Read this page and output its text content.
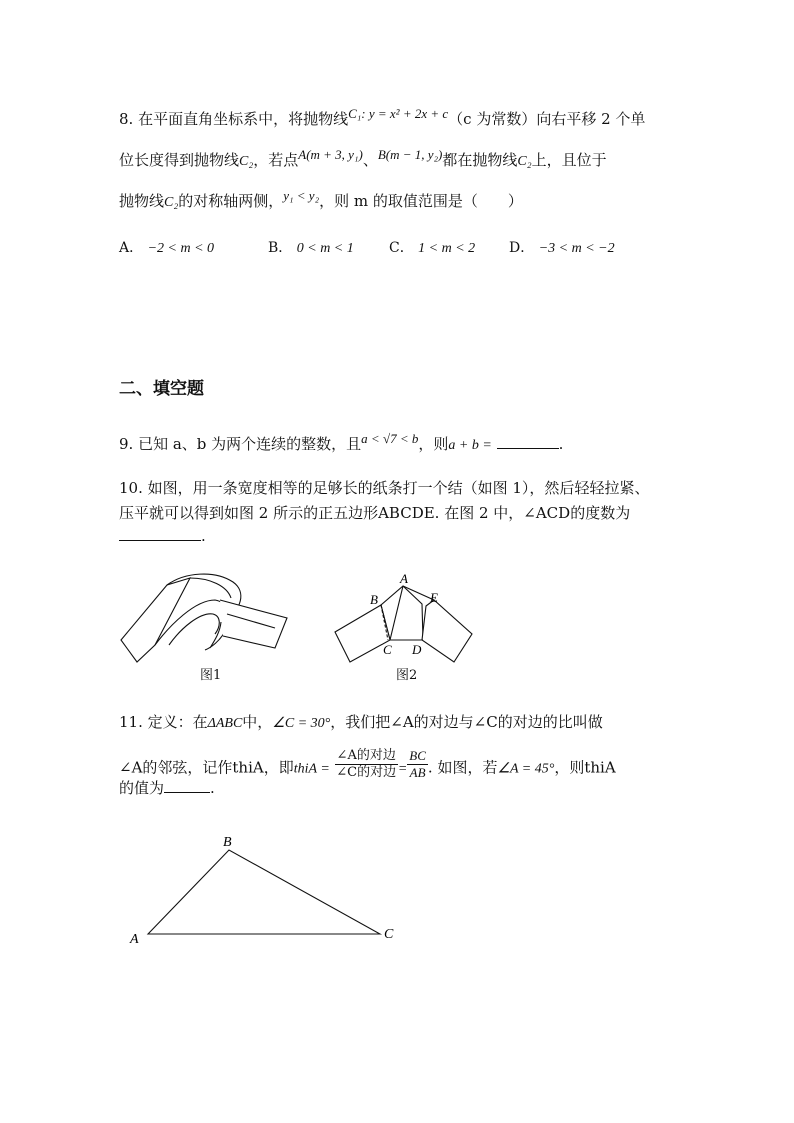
8. 在平面直角坐标系中，将抛物线C₁: y = x² + 2x + c（c 为常数）向右平移 2 个单
位长度得到抛物线C₂，若点A(m + 3, y₁)、B(m − 1, y₂)都在抛物线C₂上，且位于
抛物线C₂的对称轴两侧，y₁ < y₂，则 m 的取值范围是（　　）
A． −2 < m < 0	B． 0 < m < 1	C． 1 < m < 2 D． −3 < m < −2
二、填空题
9. 已知 a、b 为两个连续的整数，且a < √7 < b，则a + b =	.
10. 如图，用一条宽度相等的足够长的纸条打一个结（如图 1），然后轻轻拉紧、
压平就可以得到如图 2 所示的正五边形ABCDE. 在图 2 中，∠ACD的度数为
.
图1
A
B
C D
E
图2
11. 定义：在ΔABC中，∠C = 30°，我们把∠A的对边与∠C的对边的比叫做
∠A的邻弦，记作thiA，即thiA = $\frac{\text{∠A的对边}}{\text{∠C的对边}} = \frac{BC}{AB}$ . 如图，若∠A = 45°，则thiA
的值为	.
A
B
C
